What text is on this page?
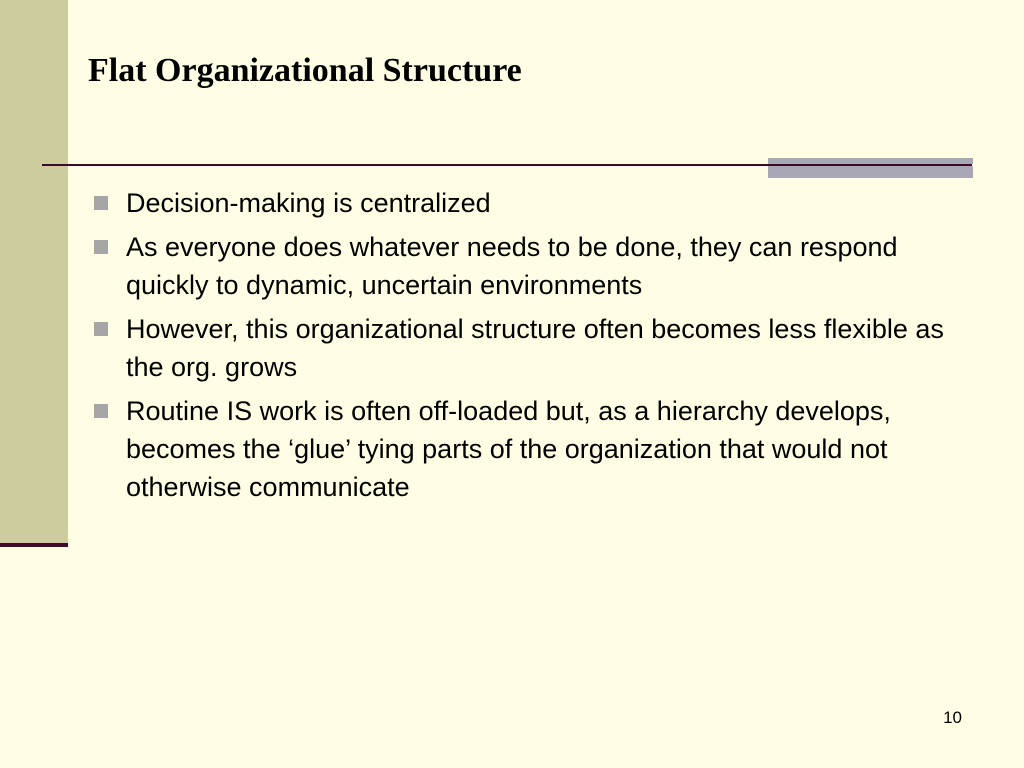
Flat Organizational Structure
Decision-making is centralized
As everyone does whatever needs to be done, they can respond quickly to dynamic, uncertain environments
However, this organizational structure often becomes less flexible as the org. grows
Routine IS work is often off-loaded but, as a hierarchy develops, becomes the ‘glue’ tying parts of the organization that would not otherwise communicate
10
